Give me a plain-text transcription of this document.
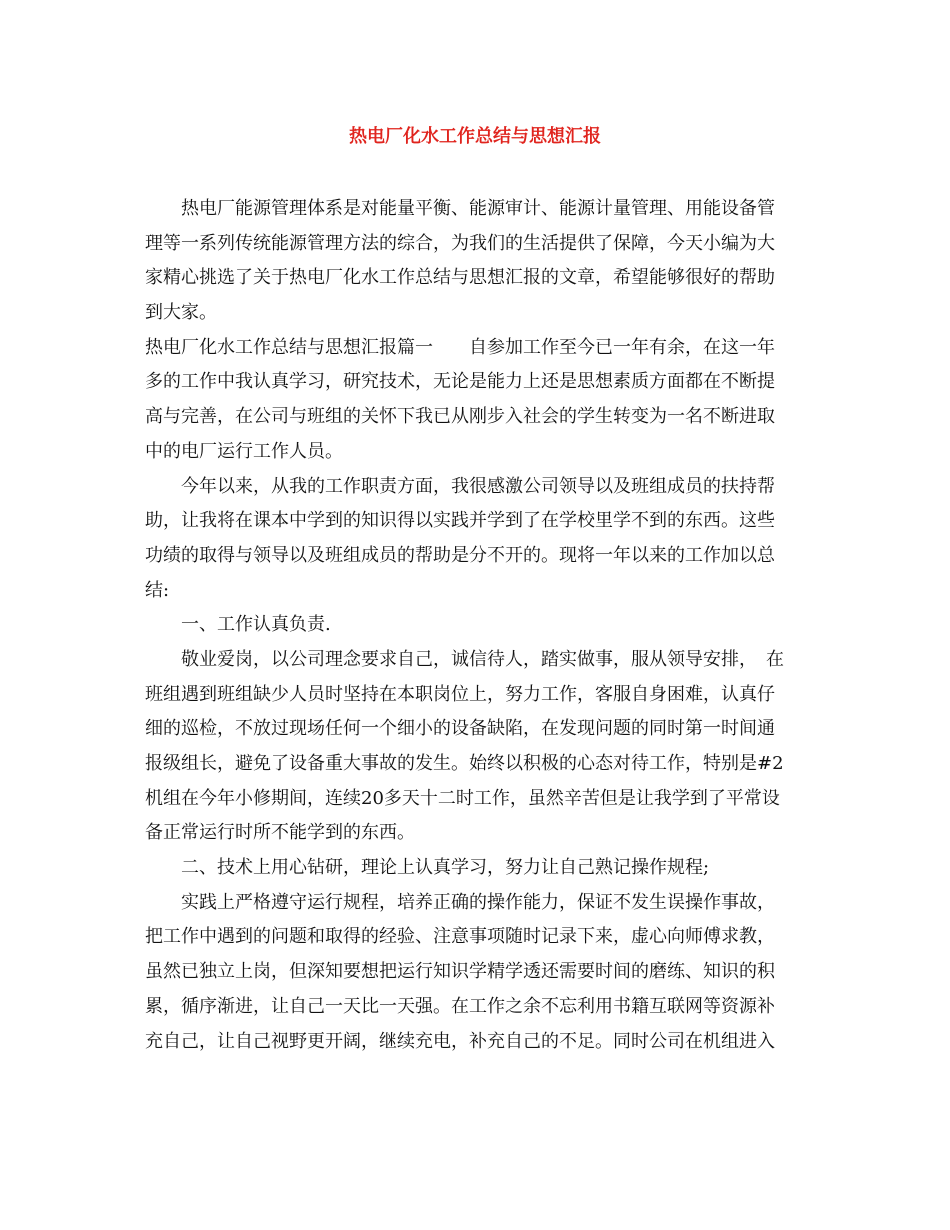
热电厂化水工作总结与思想汇报
热电厂能源管理体系是对能量平衡、能源审计、能源计量管理、用能设备管
理等一系列传统能源管理方法的综合，为我们的生活提供了保障，今天小编为大
家精心挑选了关于热电厂化水工作总结与思想汇报的文章，希望能够很好的帮助
到大家。
热电厂化水工作总结与思想汇报篇一　　自参加工作至今已一年有余，在这一年
多的工作中我认真学习，研究技术，无论是能力上还是思想素质方面都在不断提
高与完善，在公司与班组的关怀下我已从刚步入社会的学生转变为一名不断进取
中的电厂运行工作人员。
今年以来，从我的工作职责方面，我很感激公司领导以及班组成员的扶持帮
助，让我将在课本中学到的知识得以实践并学到了在学校里学不到的东西。这些
功绩的取得与领导以及班组成员的帮助是分不开的。现将一年以来的工作加以总
结:
一、工作认真负责.
敬业爱岗，以公司理念要求自己，诚信待人，踏实做事，服从领导安排，　在
班组遇到班组缺少人员时坚持在本职岗位上，努力工作，客服自身困难，认真仔
细的巡检，不放过现场任何一个细小的设备缺陷，在发现问题的同时第一时间通
报级组长，避免了设备重大事故的发生。始终以积极的心态对待工作，特别是#2
机组在今年小修期间，连续20多天十二时工作，虽然辛苦但是让我学到了平常设
备正常运行时所不能学到的东西。
二、技术上用心钻研，理论上认真学习，努力让自己熟记操作规程;
实践上严格遵守运行规程，培养正确的操作能力，保证不发生误操作事故，
把工作中遇到的问题和取得的经验、注意事项随时记录下来，虚心向师傅求教，
虽然已独立上岗，但深知要想把运行知识学精学透还需要时间的磨练、知识的积
累，循序渐进，让自己一天比一天强。在工作之余不忘利用书籍互联网等资源补
充自己，让自己视野更开阔，继续充电，补充自己的不足。同时公司在机组进入
